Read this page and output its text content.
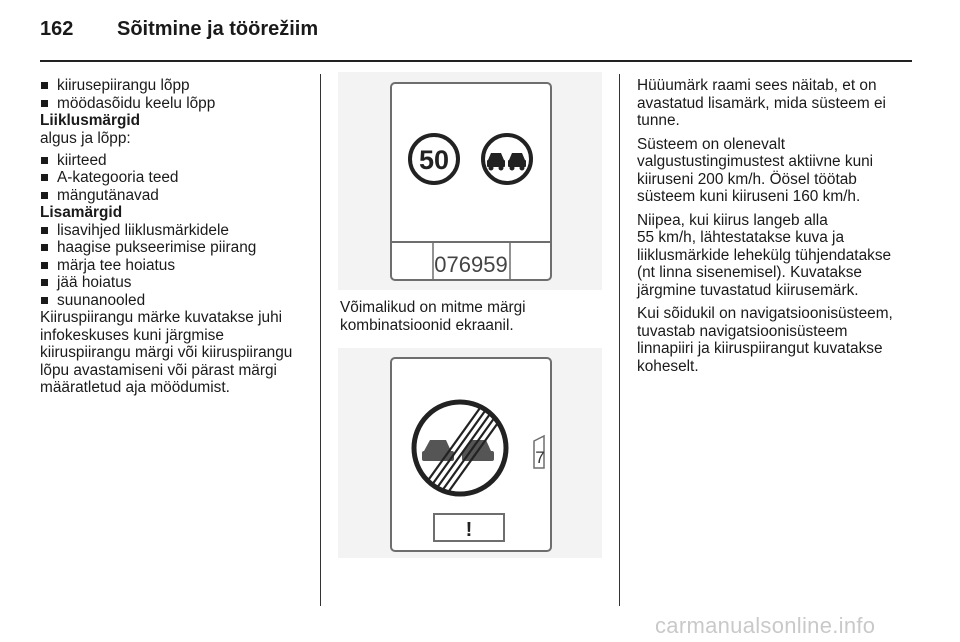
162 Sõitmine ja töörežiim

kiirusepiirangu lõpp

möödasõidu keelu lõpp

Liiklusmärgid

algus ja lõpp:

kiirteed

A-kategooria teed

mängutänavad

Lisamärgid

lisavihjed liiklusmärkidele

haagise pukseerimise piirang

märja tee hoiatus

jää hoiatus

suunanooled

Kiiruspiirangu märke kuvatakse juhi

infokeskuses kuni järgmise

kiiruspiirangu märgi või kiiruspiirangu

lõpu avastamiseni või pärast märgi

määratletud aja möödumist.

50
076959

Võimalikud on mitme märgi

kombinatsioonid ekraanil.

7
!

Hüüumärk raami sees näitab, et on

avastatud lisamärk, mida süsteem ei

tunne.

Süsteem on olenevalt

valgustustingimustest aktiivne kuni

kiiruseni 200 km/h. Öösel töötab

süsteem kuni kiiruseni 160 km/h.

Niipea, kui kiirus langeb alla

55 km/h, lähtestatakse kuva ja

liiklusmärkide lehekülg tühjendatakse

(nt linna sisenemisel). Kuvatakse

järgmine tuvastatud kiirusemärk.

Kui sõidukil on navigatsioonisüsteem,

tuvastab navigatsioonisüsteem

linnapiiri ja kiiruspiirangut kuvatakse

koheselt.

carmanualsonline.info
